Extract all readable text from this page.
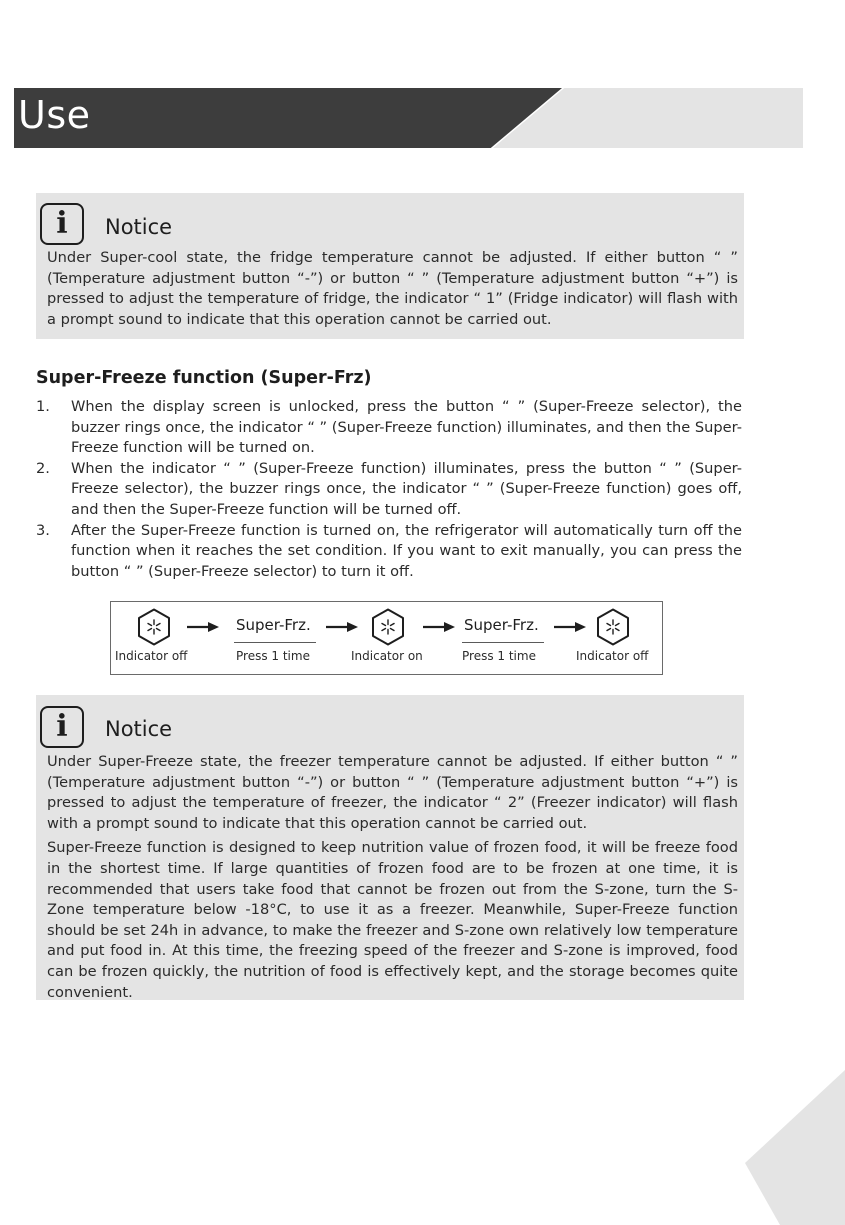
Use
i	Notice

Under Super-cool state, the fridge temperature cannot be adjusted. If either button “ ” (Temperature adjustment button “-”) or button “ ” (Temperature adjustment button “+”) is pressed to adjust the temperature of fridge, the indicator “ 1” (Fridge indicator) will flash with a prompt sound to indicate that this operation cannot be carried out.

Super-Freeze function (Super-Frz)
1. When the display screen is unlocked, press the button “ ” (Super-Freeze selector), the buzzer rings once, the indicator “ ” (Super-Freeze function) illuminates, and then the Super-Freeze function will be turned on.
2. When the indicator “ ” (Super-Freeze function) illuminates, press the button “ ” (Super-Freeze selector), the buzzer rings once, the indicator “ ” (Super-Freeze function) goes off, and then the Super-Freeze function will be turned off.
3. After the Super-Freeze function is turned on, the refrigerator will automatically turn off the function when it reaches the set condition. If you want to exit manually, you can press the button “ ” (Super-Freeze selector) to turn it off.
Indicator off
Super-Frz.
Press 1 time	Indicator on
Super-Frz.
Press 1 time	Indicator off
i	Notice

Under Super-Freeze state, the freezer temperature cannot be adjusted. If either button “ ” (Temperature adjustment button “-”) or button “ ” (Temperature adjustment button “+”) is pressed to adjust the temperature of freezer, the indicator “ 2” (Freezer indicator) will flash with a prompt sound to indicate that this operation cannot be carried out.

Super-Freeze function is designed to keep nutrition value of frozen food, it will be freeze food in the shortest time. If large quantities of frozen food are to be frozen at one time, it is recommended that users take food that cannot be frozen out from the S-zone, turn the S-Zone temperature below -18°C, to use it as a freezer. Meanwhile, Super-Freeze function should be set 24h in advance, to make the freezer and S-zone own relatively low temperature and put food in. At this time, the freezing speed of the freezer and S-zone is improved, food can be frozen quickly, the nutrition of food is effectively kept, and the storage becomes quite convenient.
